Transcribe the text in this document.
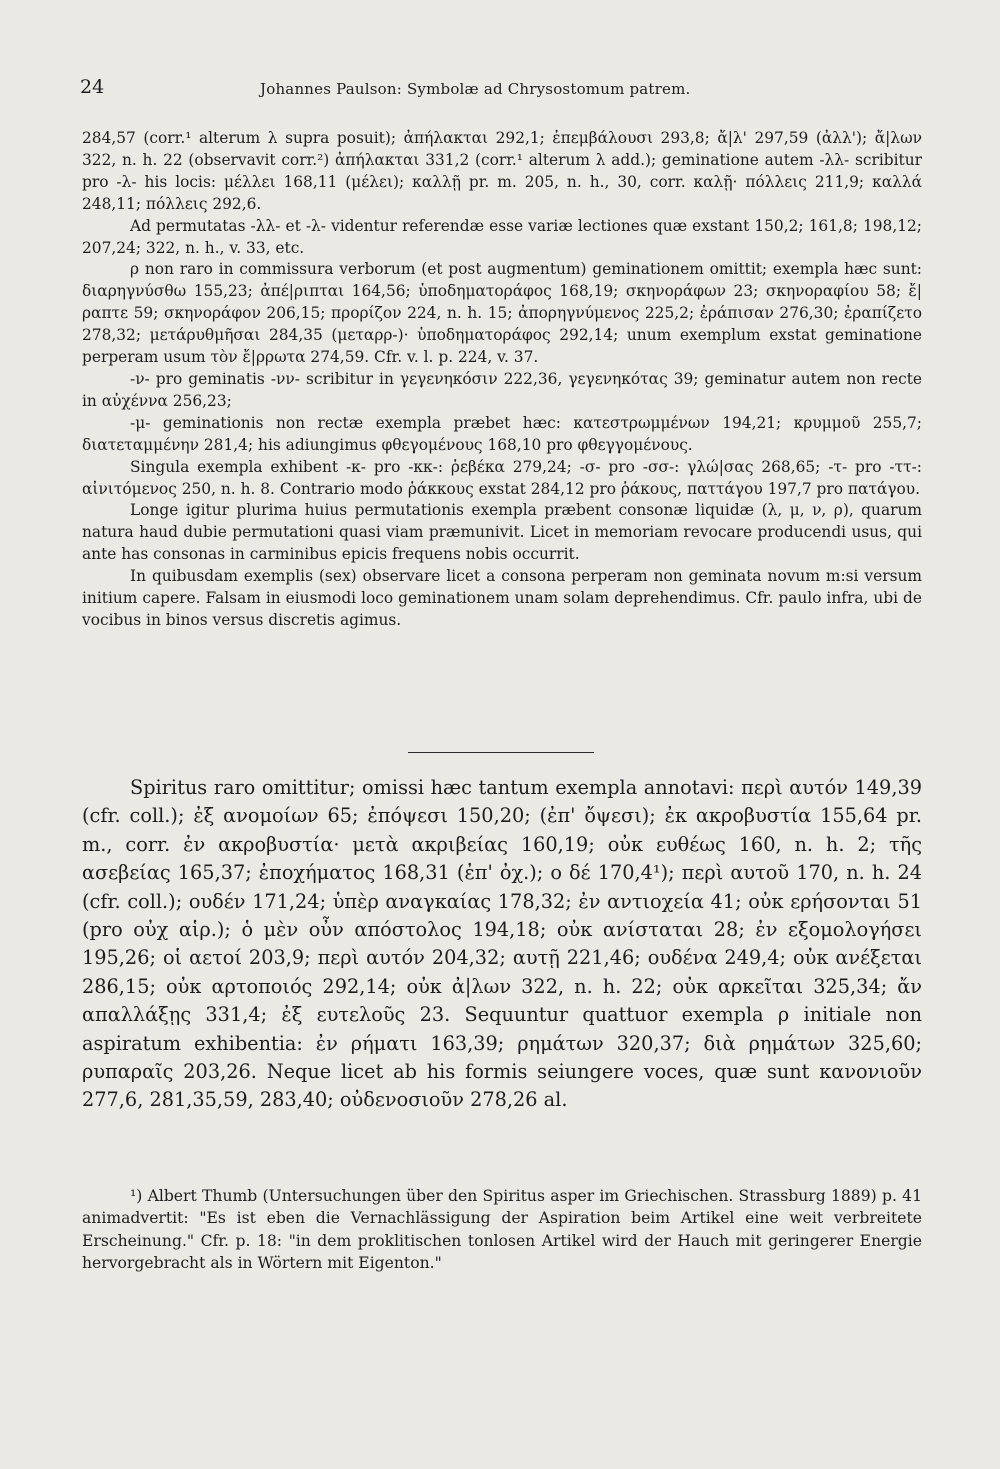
24	Johannes Paulson: Symbolæ ad Chrysostomum patrem.

284,57 (corr.¹ alterum λ supra posuit); ἀπήλακται 292,1; ἐπεμβάλουσι 293,8; ἄ|λ' 297,59 (ἀλλ'); ἄ|λων 322, n. h. 22 (observavit corr.²) ἀπήλακται 331,2 (corr.¹ alterum λ add.); geminatione autem -λλ- scribitur pro -λ- his locis: μέλλει 168,11 (μέλει); καλλῇ pr. m. 205, n. h., 30, corr. καλῇ· πόλλεις 211,9; καλλά 248,11; πόλλεις 292,6.

Ad permutatas -λλ- et -λ- videntur referendæ esse variæ lectiones quæ exstant 150,2; 161,8; 198,12; 207,24; 322, n. h., v. 33, etc.

ρ non raro in commissura verborum (et post augmentum) geminationem omittit; exempla hæc sunt: διαρηγνύσθω 155,23; ἀπέ|ριπται 164,56; ὑποδηματοράφος 168,19; σκηνοράφων 23; σκηνοραφίου 58; ἔ|ραπτε 59; σκηνοράφον 206,15; προρίζον 224, n. h. 15; ἀπορηγνύμενος 225,2; ἐράπισαν 276,30; ἐραπίζετο 278,32; μετάρυθμῆσαι 284,35 (μεταρρ-)· ὑποδηματοράφος 292,14; unum exemplum exstat geminatione perperam usum τὸν ἔ|ρρωτα 274,59. Cfr. v. l. p. 224, v. 37.

-ν- pro geminatis -νν- scribitur in γεγενηκόσιν 222,36, γεγενηκότας 39; geminatur autem non recte in αὐχέννα 256,23;

-μ- geminationis non rectæ exempla præbet hæc: κατεστρωμμένων 194,21; κρυμμοῦ 255,7; διατεταμμένην 281,4; his adiungimus φθεγομένους 168,10 pro φθεγγομένους.

Singula exempla exhibent -κ- pro -κκ-: ῥεβέκα 279,24; -σ- pro -σσ-: γλώ|σας 268,65; -τ- pro -ττ-: αἰνιτόμενος 250, n. h. 8. Contrario modo ῥάκκους exstat 284,12 pro ῥάκους, παττάγου 197,7 pro πατάγου.

Longe igitur plurima huius permutationis exempla præbent consonæ liquidæ (λ, μ, ν, ρ), quarum natura haud dubie permutationi quasi viam præmunivit. Licet in memoriam revocare producendi usus, qui ante has consonas in carminibus epicis frequens nobis occurrit.

In quibusdam exemplis (sex) observare licet a consona perperam non geminata novum m:si versum initium capere. Falsam in eiusmodi loco geminationem unam solam deprehendimus. Cfr. paulo infra, ubi de vocibus in binos versus discretis agimus.

Spiritus raro omittitur; omissi hæc tantum exempla annotavi: περὶ αυτόν 149,39 (cfr. coll.); ἐξ ανομοίων 65; ἐπόψεσι 150,20; (ἐπ' ὄψεσι); ἐκ ακροβυστία 155,64 pr. m., corr. ἐν ακροβυστία· μετὰ ακριβείας 160,19; οὐκ ευθέως 160, n. h. 2; τῆς ασεβείας 165,37; ἐποχήματος 168,31 (ἐπ' ὀχ.); ο δέ 170,4¹); περὶ αυτοῦ 170, n. h. 24 (cfr. coll.); ουδέν 171,24; ὑπὲρ αναγκαίας 178,32; ἐν αντιοχεία 41; οὐκ ερήσονται 51 (pro οὐχ αἱρ.); ὁ μὲν οὖν απόστολος 194,18; οὐκ ανίσταται 28; ἐν εξομολογήσει 195,26; οἱ αετοί 203,9; περὶ αυτόν 204,32; αυτῇ 221,46; ουδένα 249,4; οὐκ ανέξεται 286,15; οὐκ αρτοποιός 292,14; οὐκ ἀ|λων 322, n. h. 22; οὐκ αρκεῖται 325,34; ἄν απαλλάξῃς 331,4; ἐξ ευτελοῦς 23. Sequuntur quattuor exempla ρ initiale non aspiratum exhibentia: ἐν ρήματι 163,39; ρημάτων 320,37; διὰ ρημάτων 325,60; ρυπαραῖς 203,26. Neque licet ab his formis seiungere voces, quæ sunt κανονιοῦν 277,6, 281,35,59, 283,40; οὐδενοσιοῦν 278,26 al.

¹) Albert Thumb (Untersuchungen über den Spiritus asper im Griechischen. Strassburg 1889) p. 41 animadvertit: "Es ist eben die Vernachlässigung der Aspiration beim Artikel eine weit verbreitete Erscheinung." Cfr. p. 18: "in dem proklitischen tonlosen Artikel wird der Hauch mit geringerer Energie hervorgebracht als in Wörtern mit Eigenton."
